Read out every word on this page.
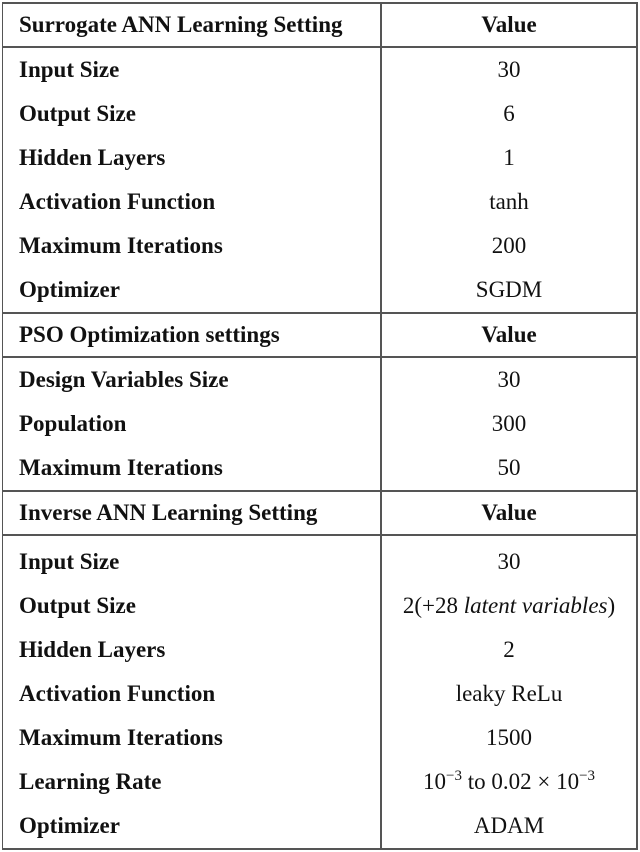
Surrogate ANN Learning Setting	Value
Input Size	30
Output Size	6
Hidden Layers	1
Activation Function	tanh
Maximum Iterations	200
Optimizer	SGDM
PSO Optimization settings	Value
Design Variables Size	30
Population	300
Maximum Iterations	50
Inverse ANN Learning Setting	Value
Input Size	30
Output Size	2(+28 latent variables)
Hidden Layers	2
Activation Function	leaky ReLu
Maximum Iterations	1500
Learning Rate	$10^{-3}$ to $0.02 \times 10^{-3}$
Optimizer	ADAM
